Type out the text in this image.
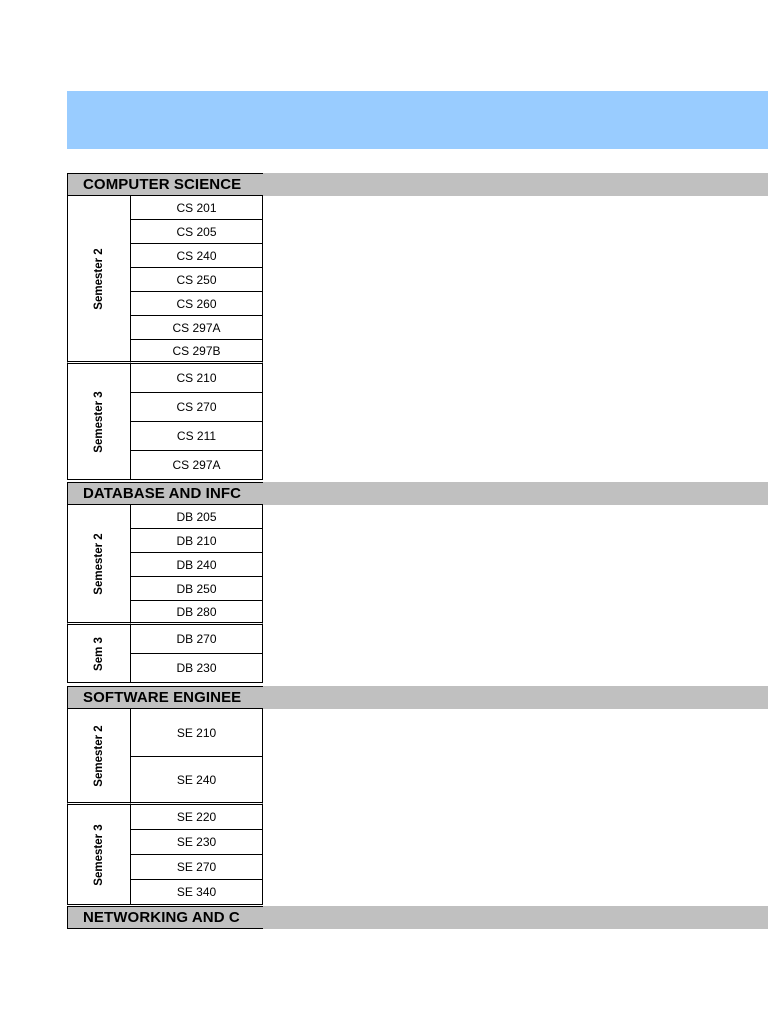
COMPUTER SCIENCE
Semester 2
CS 201
CS 205
CS 240
CS 250
CS 260
CS 297A
CS 297B
Semester 3
CS 210
CS 270
CS 211
CS 297A
DATABASE AND INFC
Semester 2
DB 205
DB 210
DB 240
DB 250
DB 280
Sem 3	DB 270
DB 230
SOFTWARE ENGINEE
Semester 2	SE 210
SE 240
Semester 3
SE 220
SE 230
SE 270
SE 340
NETWORKING AND C
